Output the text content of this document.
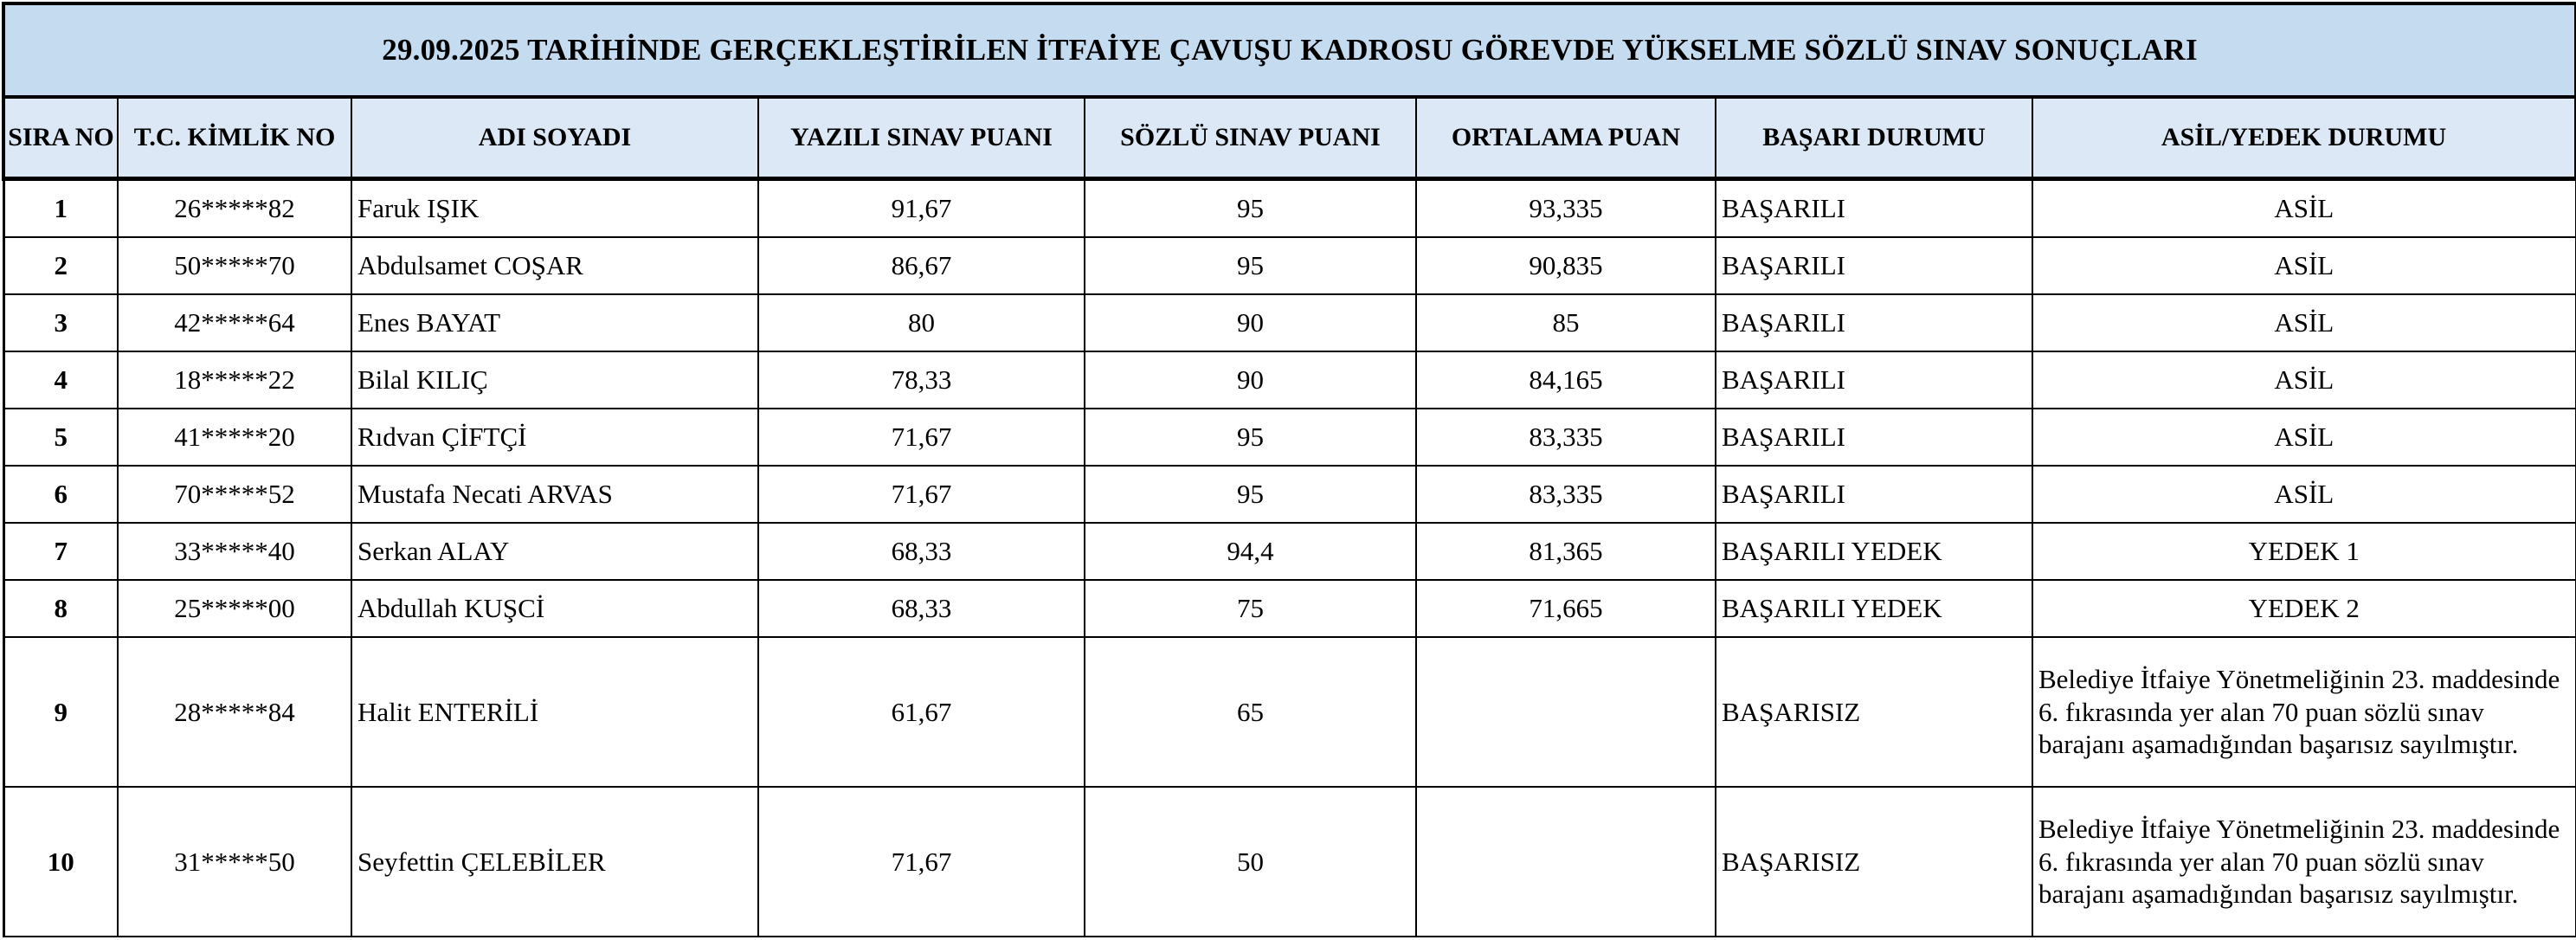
29.09.2025 TARİHİNDE GERÇEKLEŞTİRİLEN İTFAİYE ÇAVUŞU KADROSU GÖREVDE YÜKSELME SÖZLÜ SINAV SONUÇLARI							
SIRA NO	T.C. KİMLİK NO	ADI SOYADI	YAZILI SINAV PUANI	SÖZLÜ SINAV PUANI	ORTALAMA PUAN	BAŞARI DURUMU	ASİL/YEDEK DURUMU
1	26*****82	Faruk IŞIK	91,67	95	93,335	BAŞARILI	ASİL
2	50*****70	Abdulsamet COŞAR	86,67	95	90,835	BAŞARILI	ASİL
3	42*****64	Enes BAYAT	80	90	85	BAŞARILI	ASİL
4	18*****22	Bilal KILIÇ	78,33	90	84,165	BAŞARILI	ASİL
5	41*****20	Rıdvan ÇİFTÇİ	71,67	95	83,335	BAŞARILI	ASİL
6	70*****52	Mustafa Necati ARVAS	71,67	95	83,335	BAŞARILI	ASİL
7	33*****40	Serkan ALAY	68,33	94,4	81,365	BAŞARILI YEDEK	YEDEK 1
8	25*****00	Abdullah KUŞCİ	68,33	75	71,665	BAŞARILI YEDEK	YEDEK 2
9	28*****84	Halit ENTERİLİ	61,67	65		BAŞARISIZ	Belediye İtfaiye Yönetmeliğinin 23. maddesinde 6. fıkrasında yer alan 70 puan sözlü sınav barajanı aşamadığından başarısız sayılmıştır.
10	31*****50	Seyfettin ÇELEBİLER	71,67	50		BAŞARISIZ	Belediye İtfaiye Yönetmeliğinin 23. maddesinde 6. fıkrasında yer alan 70 puan sözlü sınav barajanı aşamadığından başarısız sayılmıştır.
